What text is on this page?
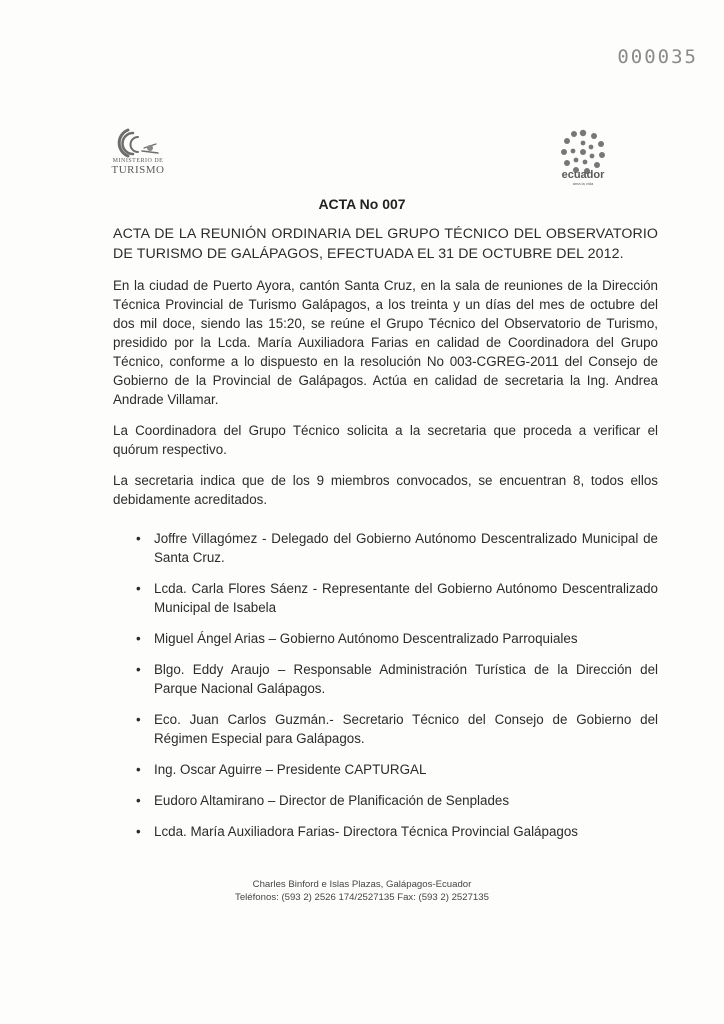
000035
MINISTERIO DE
TURISMO	ecuador
ama la vida
ACTA No 007

ACTA DE LA REUNIÓN ORDINARIA DEL GRUPO TÉCNICO DEL OBSERVATORIO DE TURISMO DE GALÁPAGOS, EFECTUADA EL 31 DE OCTUBRE DEL 2012.

En la ciudad de Puerto Ayora, cantón Santa Cruz, en la sala de reuniones de la Dirección Técnica Provincial de Turismo Galápagos, a los treinta y un días del mes de octubre del dos mil doce, siendo las 15:20, se reúne el Grupo Técnico del Observatorio de Turismo, presidido por la Lcda. María Auxiliadora Farias en calidad de Coordinadora del Grupo Técnico, conforme a lo dispuesto en la resolución No 003-CGREG-2011 del Consejo de Gobierno de la Provincial de Galápagos. Actúa en calidad de secretaria la Ing. Andrea Andrade Villamar.

La Coordinadora del Grupo Técnico solicita a la secretaria que proceda a verificar el quórum respectivo.

La secretaria indica que de los 9 miembros convocados, se encuentran 8, todos ellos debidamente acreditados.

• Joffre Villagómez - Delegado del Gobierno Autónomo Descentralizado Municipal de Santa Cruz.
• Lcda. Carla Flores Sáenz - Representante del Gobierno Autónomo Descentralizado Municipal de Isabela
• Miguel Ángel Arias – Gobierno Autónomo Descentralizado Parroquiales
• Blgo. Eddy Araujo – Responsable Administración Turística de la Dirección del Parque Nacional Galápagos.
• Eco. Juan Carlos Guzmán.- Secretario Técnico del Consejo de Gobierno del Régimen Especial para Galápagos.
• Ing. Oscar Aguirre – Presidente CAPTURGAL
• Eudoro Altamirano – Director de Planificación de Senplades
• Lcda. María Auxiliadora Farias- Directora Técnica Provincial Galápagos
Charles Binford e Islas Plazas, Galápagos-Ecuador
Teléfonos: (593 2) 2526 174/2527135 Fax: (593 2) 2527135
